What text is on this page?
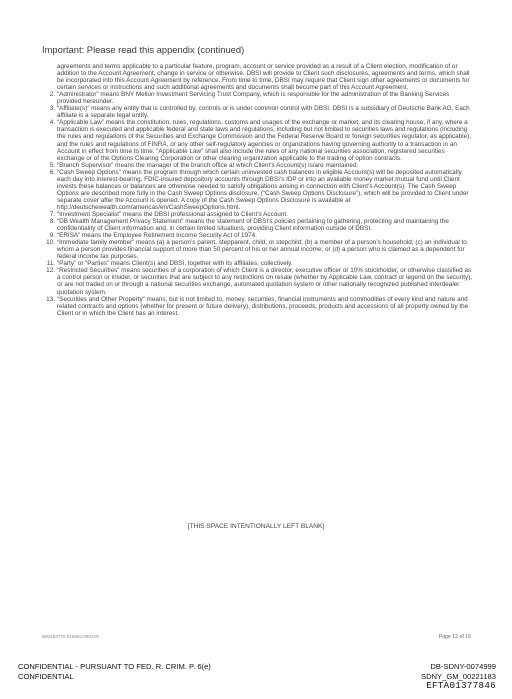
Important: Please read this appendix (continued)
agreements and terms applicable to a particular feature, program, account or service provided as a result of a Client election, modification of or addition to the Account Agreement, change in service or otherwise. DBSI will provide to Client such disclosures, agreements and terms, which shall be incorporated into this Account Agreement by reference. From time to time, DBSI may require that Client sign other agreements or documents for certain services or instructions and such additional agreements and documents shall become part of this Account Agreement.
2. “Administrator” means BNY Mellon Investment Servicing Trust Company, which is responsible for the administration of the Banking Services provided hereunder.
3. “Affiliate(s)” means any entity that is controlled by, controls or is under common control with DBSI. DBSI is a subsidiary of Deutsche Bank AG. Each affiliate is a separate legal entity.
4. “Applicable Law” means the constitution, rules, regulations, customs and usages of the exchange or market, and its clearing house, if any, where a transaction is executed and applicable federal and state laws and regulations, including but not limited to securities laws and regulations (including the rules and regulations of the Securities and Exchange Commission and the Federal Reserve Board or foreign securities regulator, as applicable), and the rules and regulations of FINRA, or any other self-regulatory agencies or organizations having governing authority to a transaction in an Account in effect from time to time. “Applicable Law” shall also include the rules of any national securities association, registered securities exchange or of the Options Clearing Corporation or other clearing organization applicable to the trading of option contracts.
5. “Branch Supervisor” means the manager of the branch office at which Client’s Account(s) is/are maintained.
6. “Cash Sweep Options” means the program through which certain uninvested cash balances in eligible Account(s) will be deposited automatically each day into interest-bearing, FDIC-insured depository accounts through DBSI’s IDP or into an available money market mutual fund until Client invests these balances or balances are otherwise needed to satisfy obligations arising in connection with Client’s Account(s). The Cash Sweep Options are described more fully in the Cash Sweep Options disclosure, (“Cash Sweep Options Disclosure”), which will be provided to Client under separate cover after the Account is opened. A copy of the Cash Sweep Options Disclosure is available at http://deutschewealth.com/americas/en/CashSweepOptions.html.
7. “Investment Specialist” means the DBSI professional assigned to Client’s Account.
8. “DB Wealth Management Privacy Statement” means the statement of DBSI’s policies pertaining to gathering, protecting and maintaining the confidentiality of Client information and, in certain limited situations, providing Client information outside of DBSI.
9. “ERISA” means the Employee Retirement Income Security Act of 1974.
10. “Immediate family member” means (a) a person’s parent, stepparent, child, or stepchild; (b) a member of a person’s household; (c) an individual to whom a person provides financial support of more than 50 percent of his or her annual income; or (d) a person who is claimed as a dependent for federal income tax purposes.
11. “Party” or “Parties” means Client(s) and DBSI, together with its affiliates, collectively.
12. “Restricted Securities” means securities of a corporation of which Client is a director, executive officer or 10% stockholder, or otherwise classified as a control person or insider, or securities that are subject to any restrictions on resale (whether by Applicable Law, contract or legend on the security), or are not traded on or through a national securities exchange, automated quotation system or other nationally recognized published interdealer quotation system.
13. “Securities and Other Property” means, but is not limited to, money, securities, financial instruments and commodities of every kind and nature and related contracts and options (whether for present or future delivery), distributions, proceeds, products and accessions of all property owned by the Client or in which the Client has an interest.
[THIS SPACE INTENTIONALLY LEFT BLANK]
WM193776 015664.080219	Page 12 of 16
CONFIDENTIAL - PURSUANT TO FED. R. CRIM. P. 6(e)
CONFIDENTIAL
DB-SDNY-0074999
SDNY_GM_00221183
EFTA01377846
